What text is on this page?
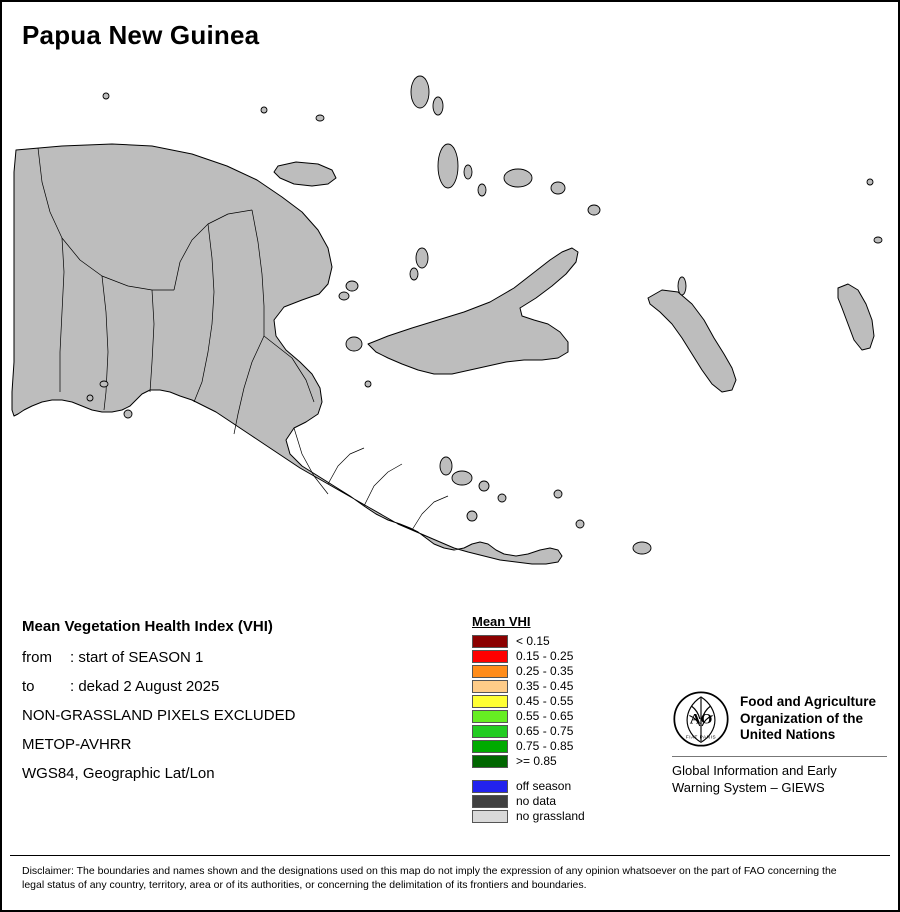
Papua New Guinea
Mean Vegetation Health Index (VHI)
from : start of SEASON 1
to : dekad 2 August 2025
NON-GRASSLAND PIXELS EXCLUDED
METOP-AVHRR
WGS84, Geographic Lat/Lon
Mean VHI
< 0.15
0.15 - 0.25
0.25 - 0.35
0.35 - 0.45
0.45 - 0.55
0.55 - 0.65
0.65 - 0.75
0.75 - 0.85
>= 0.85
off season
no data
no grassland
AO
FIAT PANIS
Food and Agriculture
Organization of the
United Nations
Global Information and Early
Warning System – GIEWS
Disclaimer: The boundaries and names shown and the designations used on this map do not imply the expression of any opinion whatsoever on the part of FAO concerning the legal status of any country, territory, area or of its authorities, or concerning the delimitation of its frontiers and boundaries.
